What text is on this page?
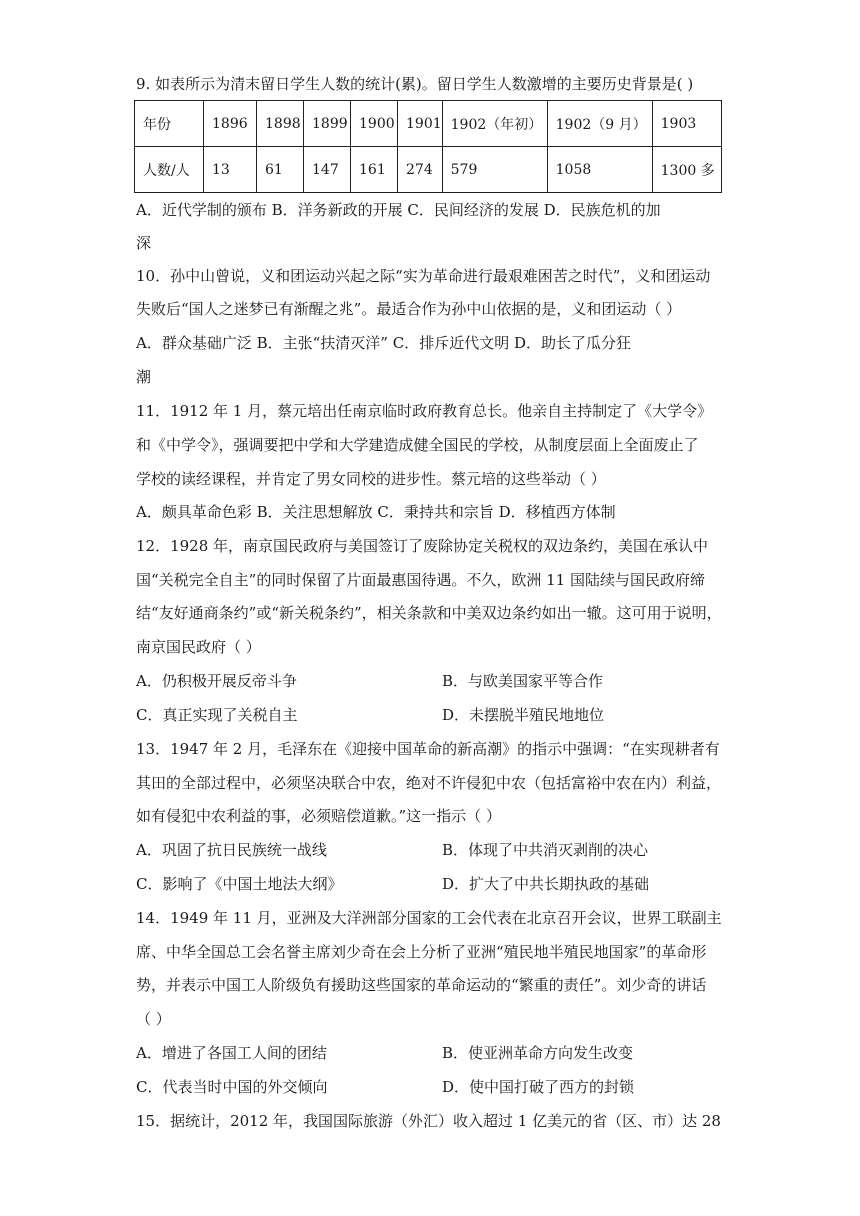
9. 如表所示为清末留日学生人数的统计(累)。留日学生人数激增的主要历史背景是( )
年份	1896	1898	1899	1900	1901	1902（年初）	1902（9 月）	1903
人数/人	13	61	147	161	274	579	1058	1300 多
A．近代学制的颁布 B．洋务新政的开展 C．民间经济的发展 D．民族危机的加
深
10．孙中山曾说，义和团运动兴起之际“实为革命进行最艰难困苦之时代”，义和团运动
失败后“国人之迷梦已有渐醒之兆”。最适合作为孙中山依据的是，义和团运动（ ）
A．群众基础广泛 B．主张“扶清灭洋” C．排斥近代文明 D．助长了瓜分狂
潮
11．1912 年 1 月，蔡元培出任南京临时政府教育总长。他亲自主持制定了《大学令》
和《中学令》，强调要把中学和大学建造成健全国民的学校，从制度层面上全面废止了
学校的读经课程，并肯定了男女同校的进步性。蔡元培的这些举动（ ）
A．颇具革命色彩 B．关注思想解放 C．秉持共和宗旨 D．移植西方体制
12．1928 年，南京国民政府与美国签订了废除协定关税权的双边条约，美国在承认中
国“关税完全自主”的同时保留了片面最惠国待遇。不久，欧洲 11 国陆续与国民政府缔
结“友好通商条约”或“新关税条约”，相关条款和中美双边条约如出一辙。这可用于说明，
南京国民政府（ ）
A．仍积极开展反帝斗争	B．与欧美国家平等合作
C．真正实现了关税自主	D．未摆脱半殖民地地位
13．1947 年 2 月，毛泽东在《迎接中国革命的新高潮》的指示中强调：“在实现耕者有
其田的全部过程中，必须坚决联合中农，绝对不许侵犯中农（包括富裕中农在内）利益，
如有侵犯中农利益的事，必须赔偿道歉。”这一指示（ ）
A．巩固了抗日民族统一战线	B．体现了中共消灭剥削的决心
C．影响了《中国土地法大纲》	D．扩大了中共长期执政的基础
14．1949 年 11 月，亚洲及大洋洲部分国家的工会代表在北京召开会议，世界工联副主
席、中华全国总工会名誉主席刘少奇在会上分析了亚洲“殖民地半殖民地国家”的革命形
势，并表示中国工人阶级负有援助这些国家的革命运动的“繁重的责任”。刘少奇的讲话
（ ）
A．增进了各国工人间的团结	B．使亚洲革命方向发生改变
C．代表当时中国的外交倾向	D．使中国打破了西方的封锁
15．据统计，2012 年，我国国际旅游（外汇）收入超过 1 亿美元的省（区、市）达 28
